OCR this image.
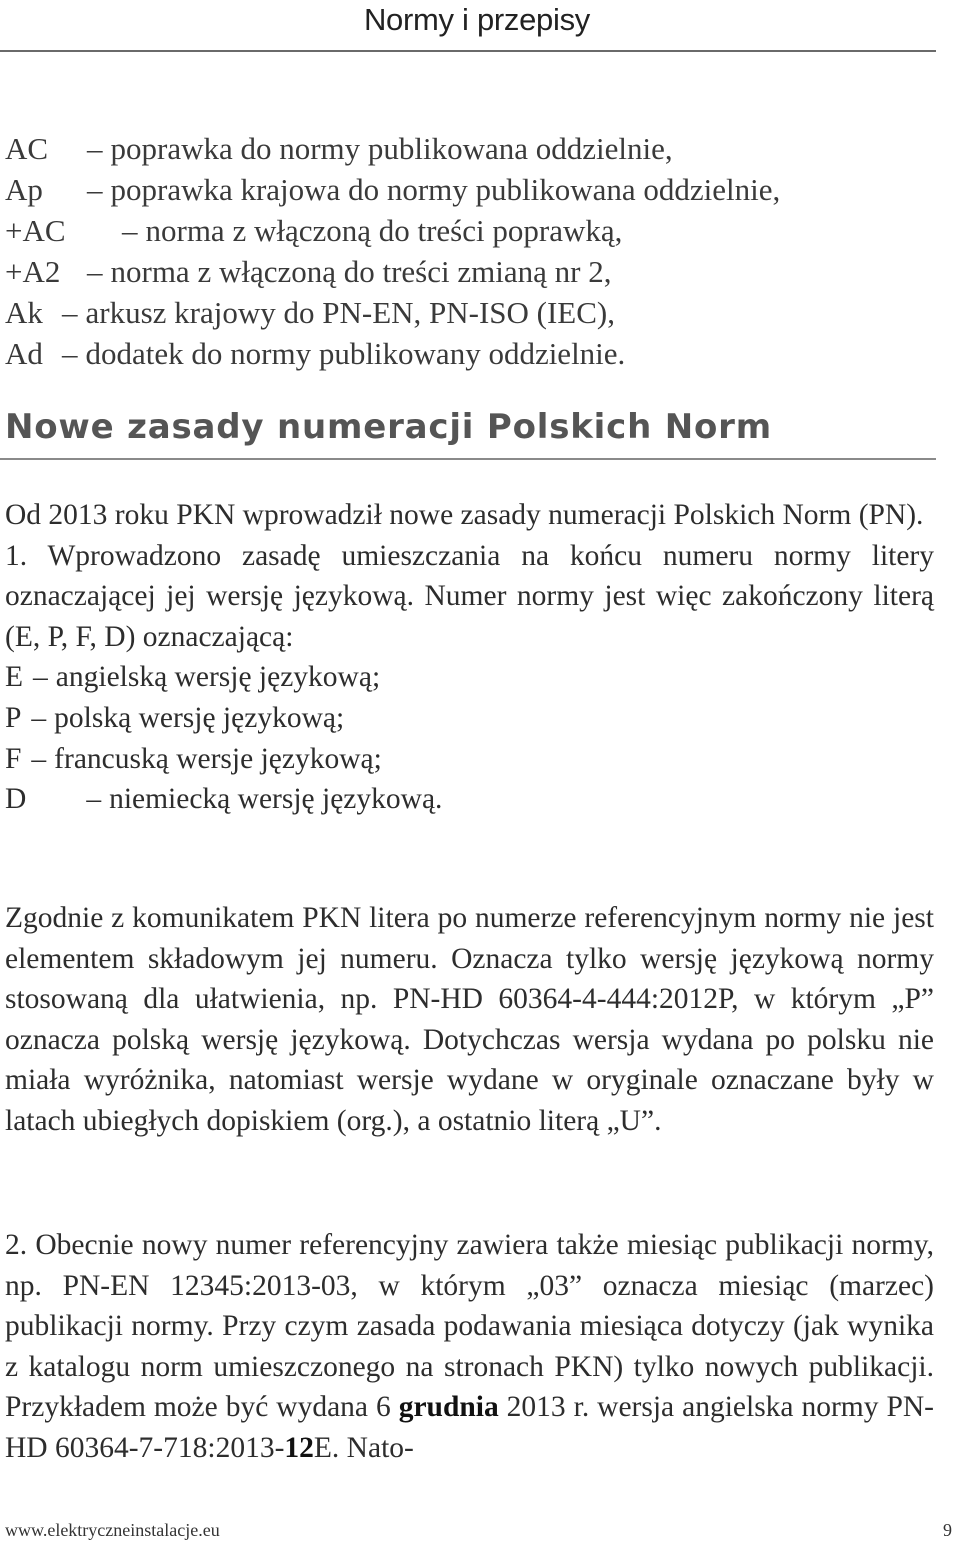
Normy i przepisy
AC – poprawka do normy publikowana oddzielnie,
Ap – poprawka krajowa do normy publikowana oddzielnie,
+AC – norma z włączoną do treści poprawką,
+A2 – norma z włączoną do treści zmianą nr 2,
Ak – arkusz krajowy do PN-EN, PN-ISO (IEC),
Ad – dodatek do normy publikowany oddzielnie.
Nowe zasady numeracji Polskich Norm

Od 2013 roku PKN wprowadził nowe zasady numeracji Polskich Norm (PN).

1. Wprowadzono zasadę umieszczania na końcu numeru normy litery oznaczającej jej wersję językową. Numer normy jest więc zakończony literą (E, P, F, D) oznaczającą:

E – angielską wersję językową;
P – polską wersję językową;
F – francuską wersje językową;
D – niemiecką wersję językową.

Zgodnie z komunikatem PKN litera po numerze referencyjnym normy nie jest elementem składowym jej numeru. Oznacza tylko wersję językową normy stosowaną dla ułatwienia, np. PN-HD 60364-4-444:2012P, w którym „P” oznacza polską wersję językową. Dotychczas wersja wydana po polsku nie miała wyróżnika, natomiast wersje wydane w oryginale oznaczane były w latach ubiegłych dopiskiem (org.), a ostatnio literą „U”.

2. Obecnie nowy numer referencyjny zawiera także miesiąc publikacji normy, np. PN-EN 12345:2013-03, w którym „03” oznacza miesiąc (marzec) publikacji normy. Przy czym zasada podawania miesiąca dotyczy (jak wynika z katalogu norm umieszczonego na stronach PKN) tylko nowych publikacji. Przykładem może być wydana 6 grudnia 2013 r. wersja angielska normy PN-HD 60364-7-718:2013-12E. Nato-

www.elektryczneinstalacje.eu	9
